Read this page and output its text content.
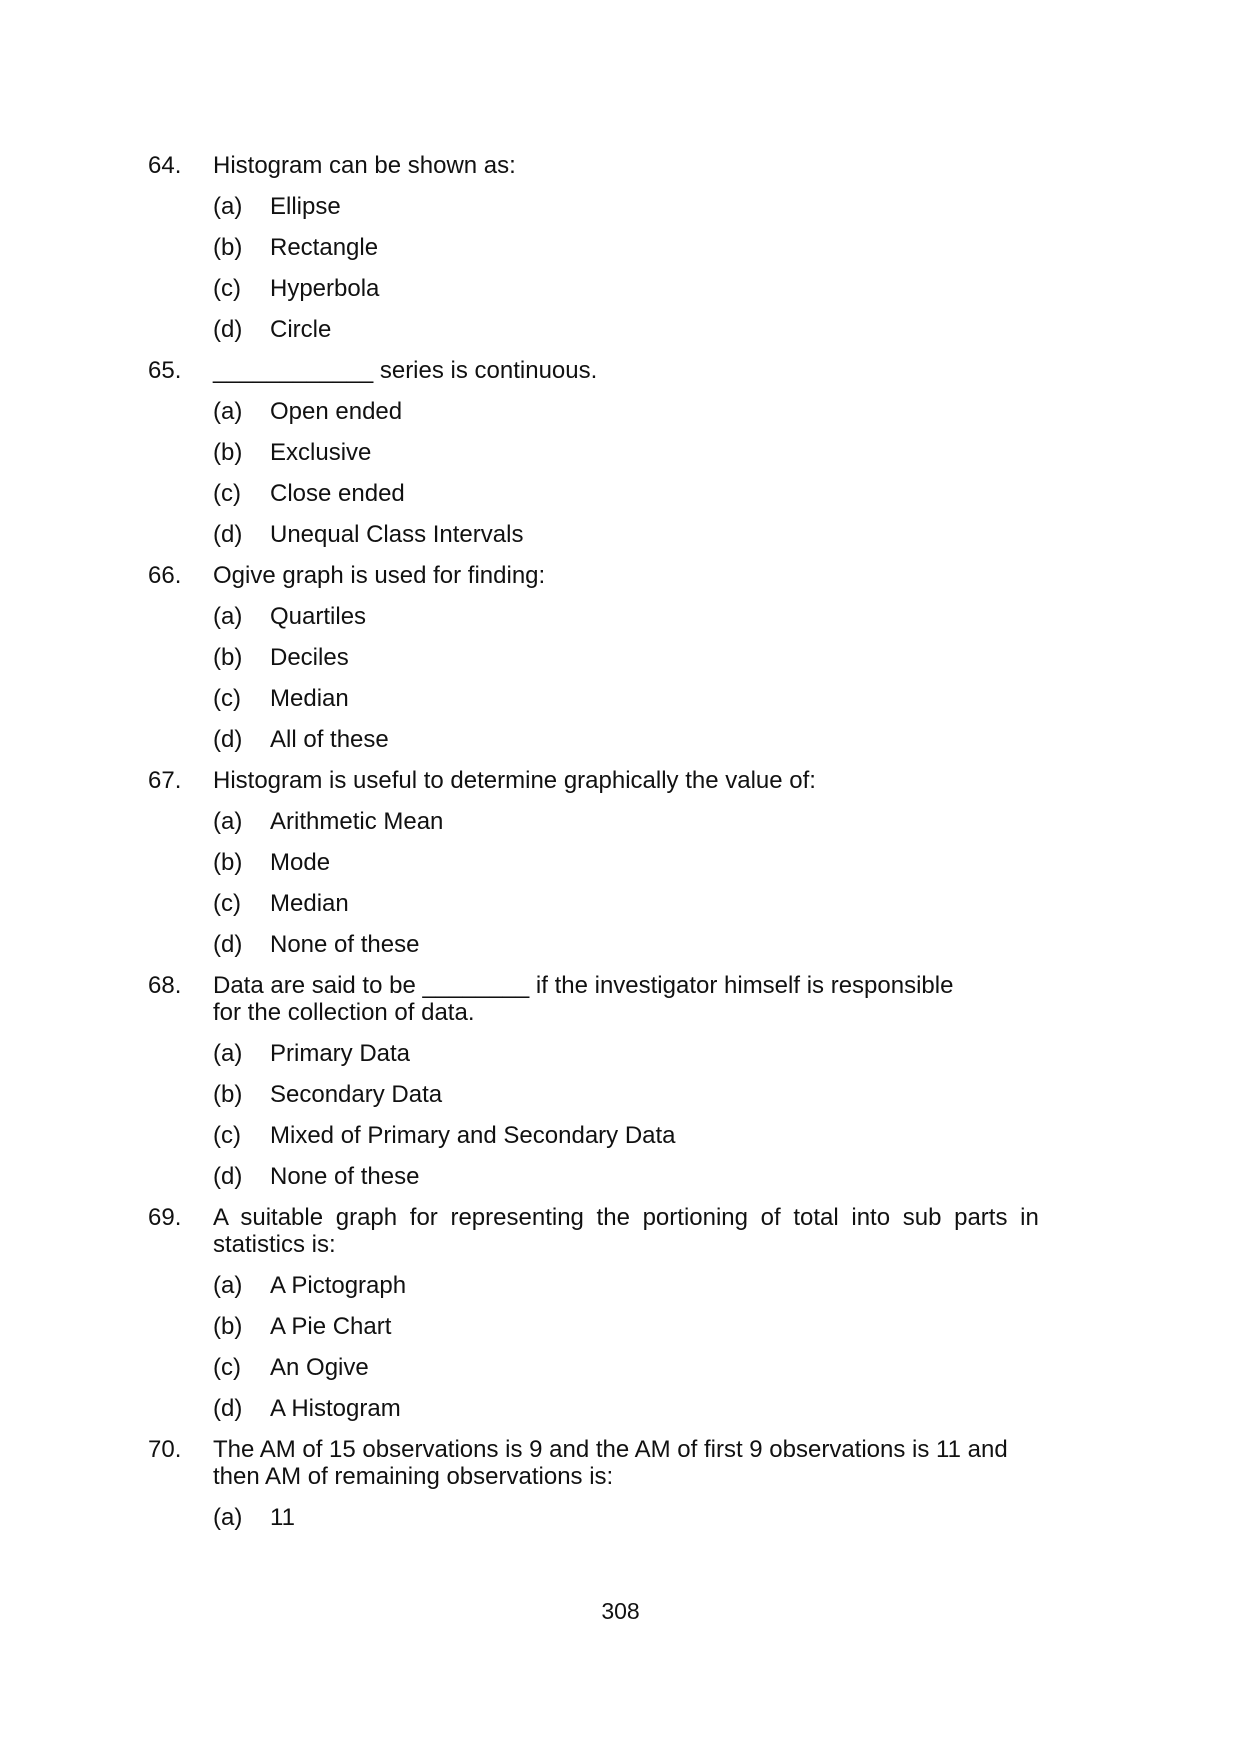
64.	Histogram can be shown as:
(a)	Ellipse
(b)	Rectangle
(c)	Hyperbola
(d)	Circle
65.	____________ series is continuous.
(a)	Open ended
(b)	Exclusive
(c)	Close ended
(d)	Unequal Class Intervals
66.	Ogive graph is used for finding:
(a)	Quartiles
(b)	Deciles
(c)	Median
(d)	All of these
67.	Histogram is useful to determine graphically the value of:
(a)	Arithmetic Mean
(b)	Mode
(c)	Median
(d)	None of these
68.	Data are said to be ________ if the investigator himself is responsible
for the collection of data.
(a)	Primary Data
(b)	Secondary Data
(c)	Mixed of Primary and Secondary Data
(d)	None of these
69.	A suitable graph for representing the portioning of total into sub parts in
statistics is:
(a)	A Pictograph
(b)	A Pie Chart
(c)	An Ogive
(d)	A Histogram
70.	The AM of 15 observations is 9 and the AM of first 9 observations is 11 and
then AM of remaining observations is:
(a)	11
308
